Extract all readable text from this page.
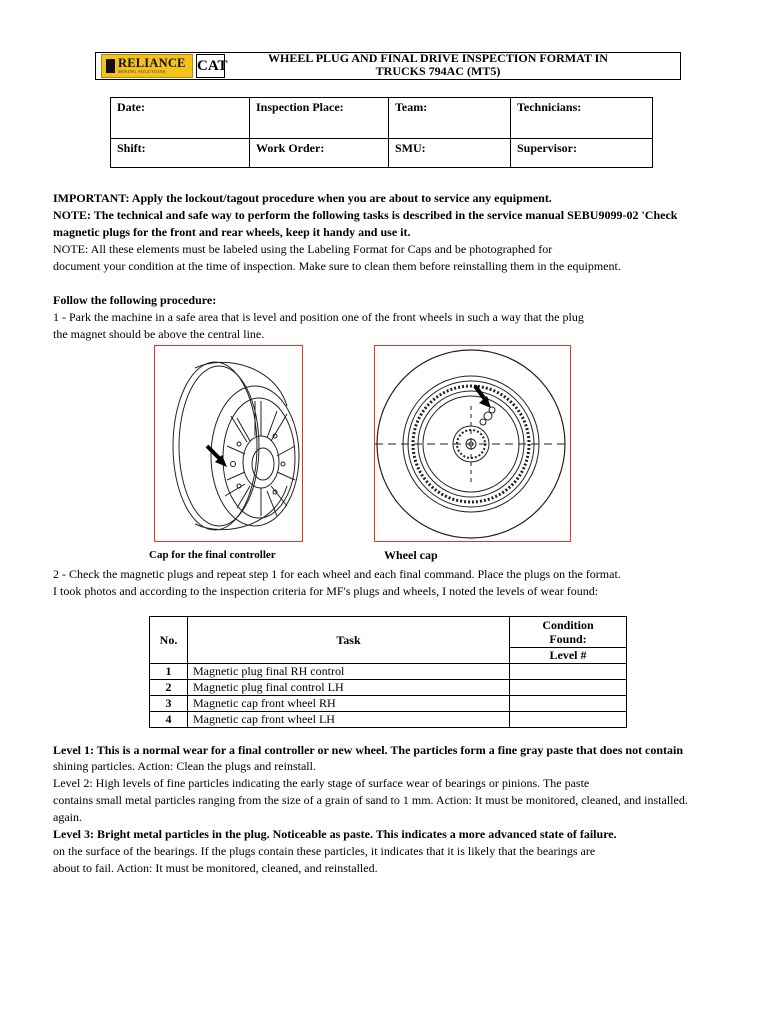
RELIANCE
MINING SOLUTIONS CAT	WHEEL PLUG AND FINAL DRIVE INSPECTION FORMAT IN
TRUCKS 794AC (MT5)
Date:	Inspection Place:	Team:	Technicians:
Shift:	Work Order:	SMU:	Supervisor:
IMPORTANT: Apply the lockout/tagout procedure when you are about to service any equipment.
NOTE: The technical and safe way to perform the following tasks is described in the service manual SEBU9099-02 'Check
magnetic plugs for the front and rear wheels, keep it handy and use it.
NOTE: All these elements must be labeled using the Labeling Format for Caps and be photographed for
document your condition at the time of inspection. Make sure to clean them before reinstalling them in the equipment.
Follow the following procedure:
1 - Park the machine in a safe area that is level and position one of the front wheels in such a way that the plug
the magnet should be above the central line.
Cap for the final controller	Wheel cap
2 - Check the magnetic plugs and repeat step 1 for each wheel and each final command. Place the plugs on the format.
I took photos and according to the inspection criteria for MF's plugs and wheels, I noted the levels of wear found:
No.	Task	Condition
Found:

		Level #
1	Magnetic plug final RH control	
2	Magnetic plug final control LH	
3	Magnetic cap front wheel RH	
4	Magnetic cap front wheel LH	
Level 1: This is a normal wear for a final controller or new wheel. The particles form a fine gray paste that does not contain
shining particles. Action: Clean the plugs and reinstall.
Level 2: High levels of fine particles indicating the early stage of surface wear of bearings or pinions. The paste
contains small metal particles ranging from the size of a grain of sand to 1 mm. Action: It must be monitored, cleaned, and installed.
again.
Level 3: Bright metal particles in the plug. Noticeable as paste. This indicates a more advanced state of failure.
on the surface of the bearings. If the plugs contain these particles, it indicates that it is likely that the bearings are
about to fail. Action: It must be monitored, cleaned, and reinstalled.
